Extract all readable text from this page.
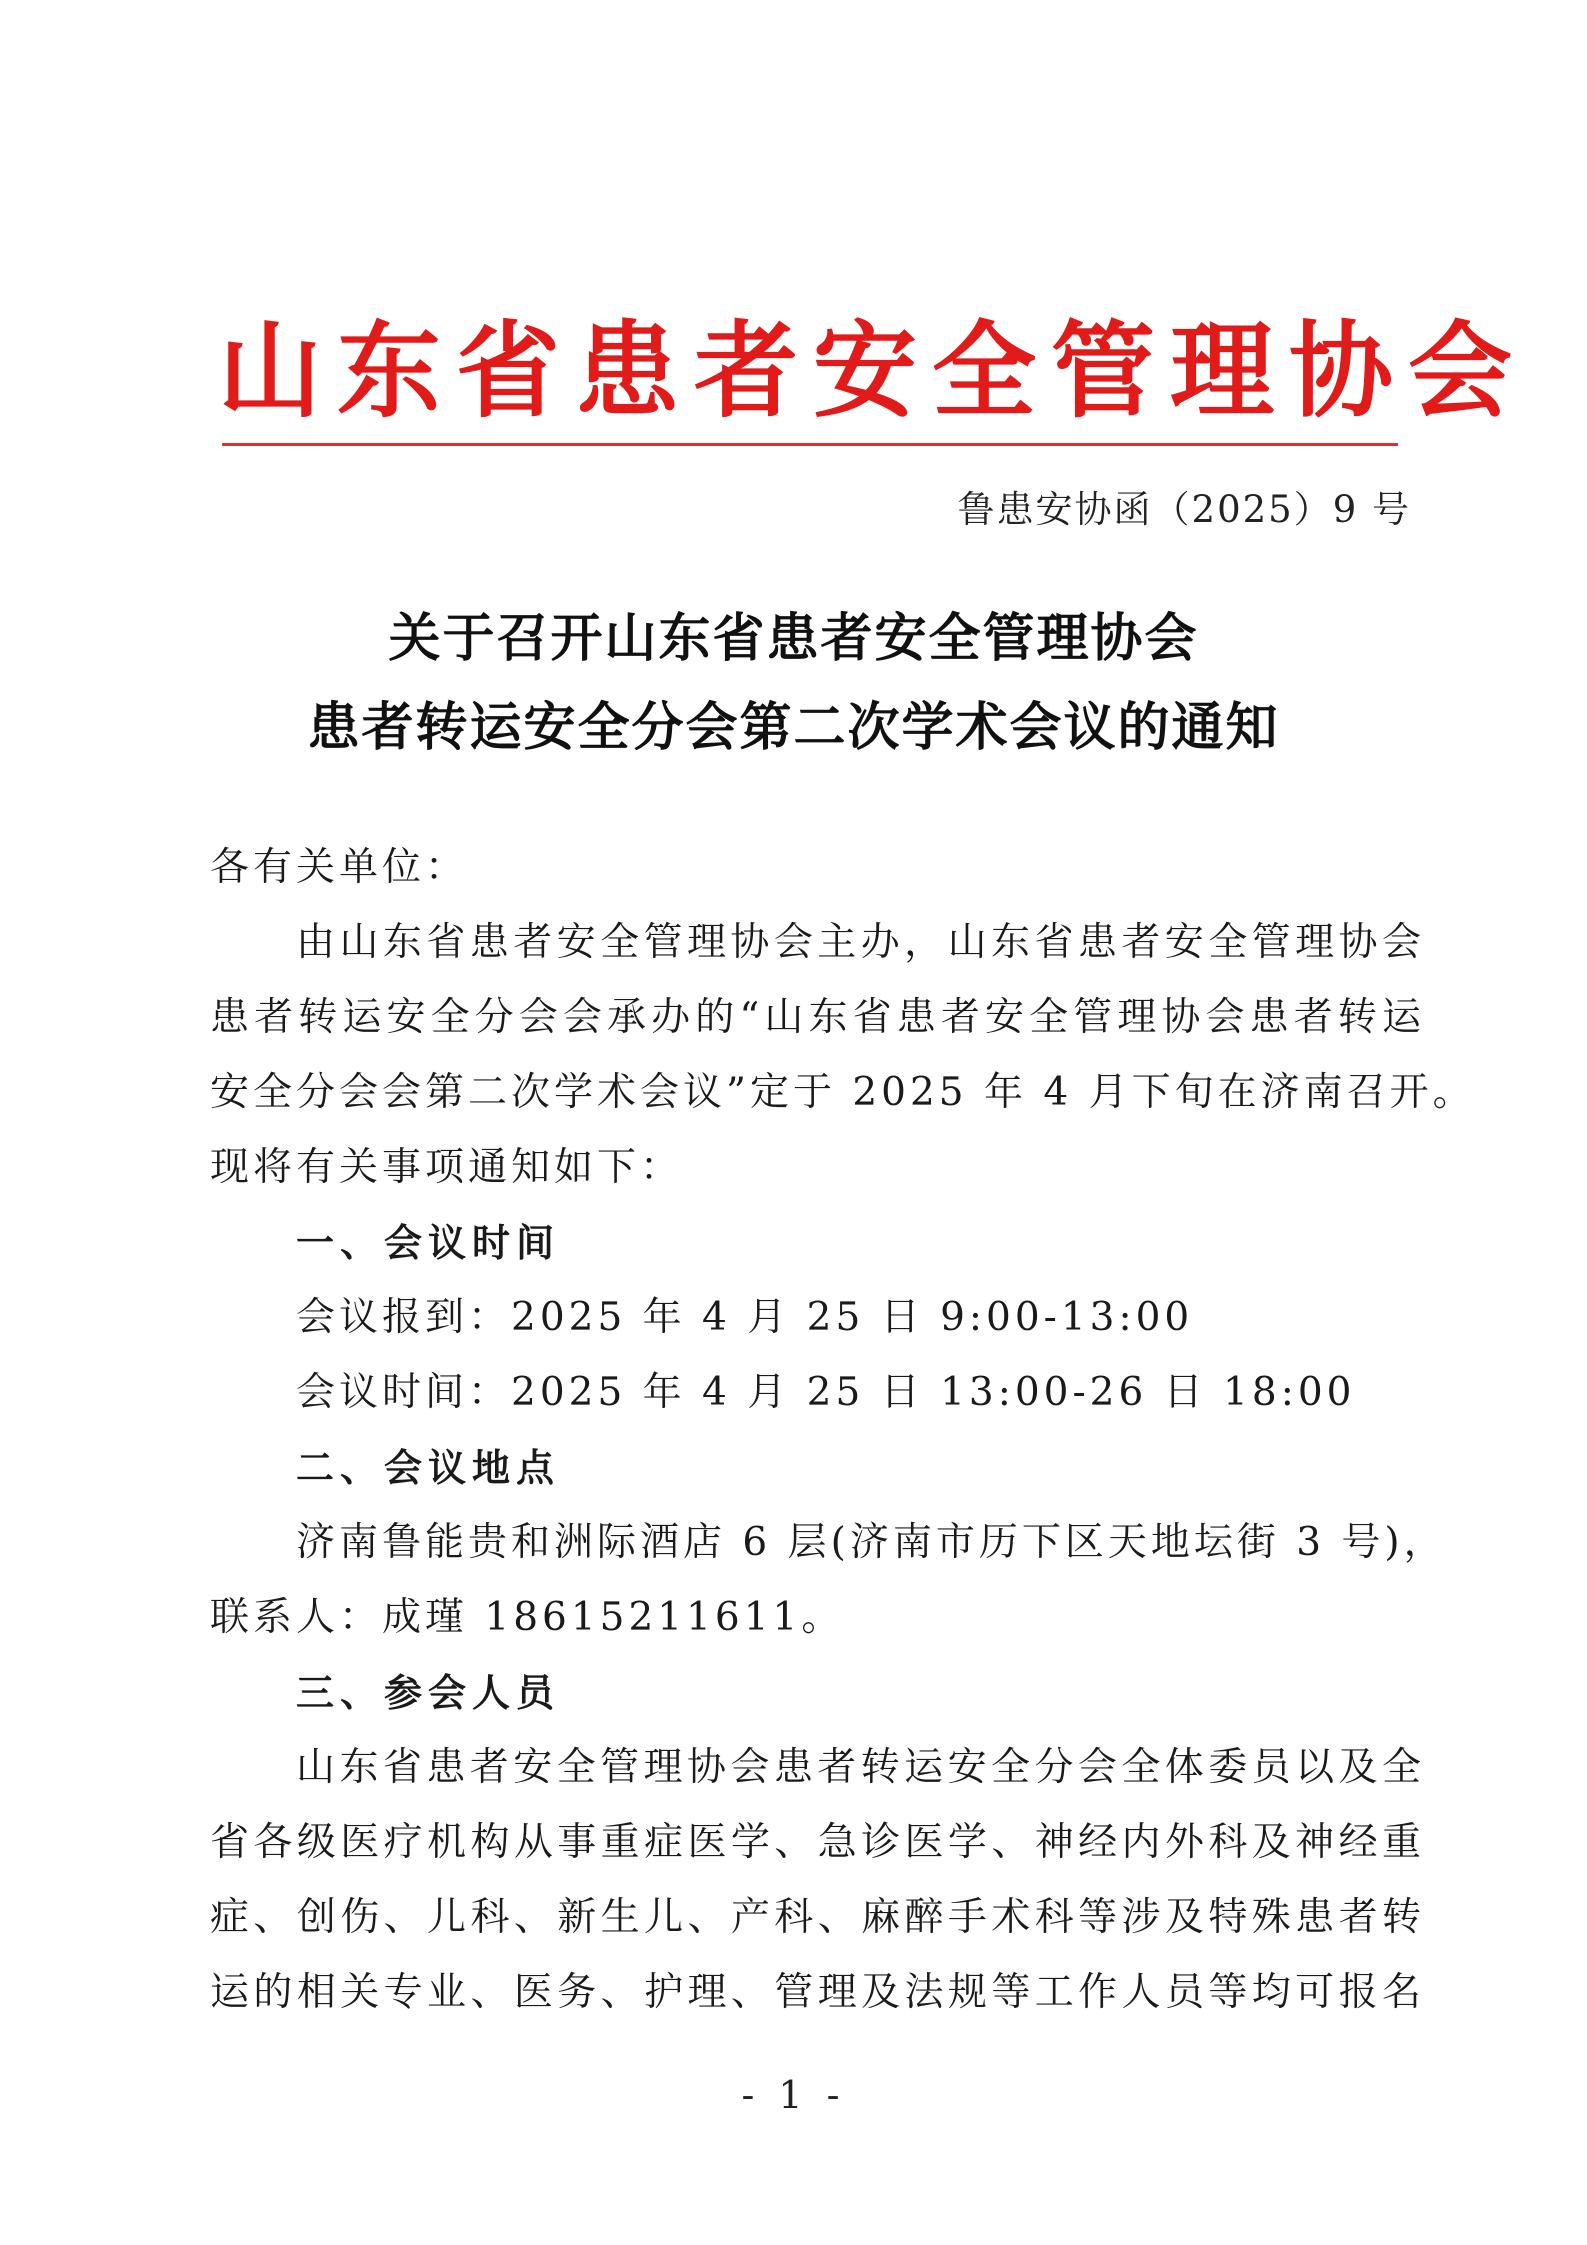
山东省患者安全管理协会
鲁患安协函（2025）9 号
关于召开山东省患者安全管理协会
患者转运安全分会第二次学术会议的通知
各有关单位：
由山东省患者安全管理协会主办，山东省患者安全管理协会
患者转运安全分会会承办的“山东省患者安全管理协会患者转运
安全分会会第二次学术会议”定于 2025 年 4 月下旬在济南召开。
现将有关事项通知如下：
一、会议时间
会议报到：2025 年 4 月 25 日 9:00-13:00
会议时间：2025 年 4 月 25 日 13:00-26 日 18:00
二、会议地点
济南鲁能贵和洲际酒店 6 层(济南市历下区天地坛街 3 号)，
联系人：成瑾 18615211611。
三、参会人员
山东省患者安全管理协会患者转运安全分会全体委员以及全
省各级医疗机构从事重症医学、急诊医学、神经内外科及神经重
症、创伤、儿科、新生儿、产科、麻醉手术科等涉及特殊患者转
运的相关专业、医务、护理、管理及法规等工作人员等均可报名
- 1 -
